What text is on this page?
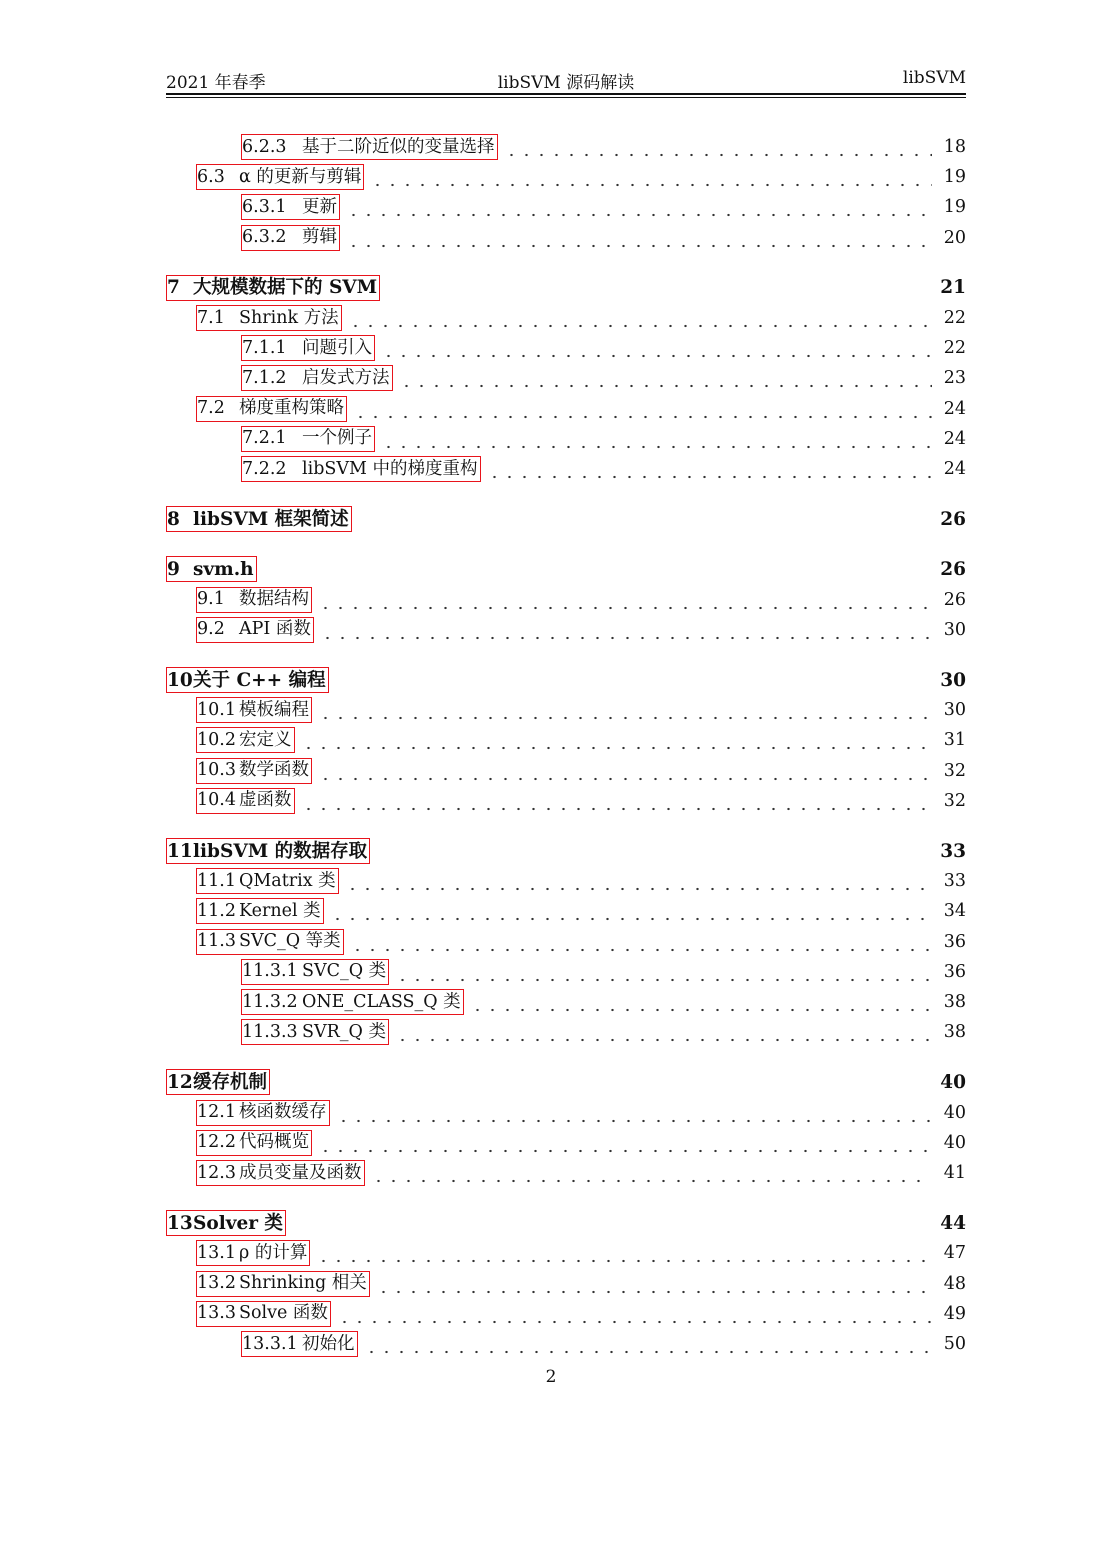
2021 年春季	libSVM 源码解读	libSVM
6.2.3 基于二阶近似的变量选择	18
6.3 α 的更新与剪辑	19
6.3.1 更新	19
6.3.2 剪辑	20
7 大规模数据下的 SVM	21
7.1 Shrink 方法	22
7.1.1 问题引入	22
7.1.2 启发式方法	23
7.2 梯度重构策略	24
7.2.1 一个例子	24
7.2.2 libSVM 中的梯度重构	24
8 libSVM 框架简述	26
9 svm.h	26
9.1 数据结构	26
9.2 API 函数	30
10 关于 C++ 编程	30
10.1 模板编程	30
10.2 宏定义	31
10.3 数学函数	32
10.4 虚函数	32
11 libSVM 的数据存取	33
11.1 QMatrix 类	33
11.2 Kernel 类	34
11.3 SVC_Q 等类	36
11.3.1 SVC_Q 类	36
11.3.2 ONE_CLASS_Q 类	38
11.3.3 SVR_Q 类	38
12 缓存机制	40
12.1 核函数缓存	40
12.2 代码概览	40
12.3 成员变量及函数	41
13 Solver 类	44
13.1 ρ 的计算	47
13.2 Shrinking 相关	48
13.3 Solve 函数	49
13.3.1 初始化	50
2
